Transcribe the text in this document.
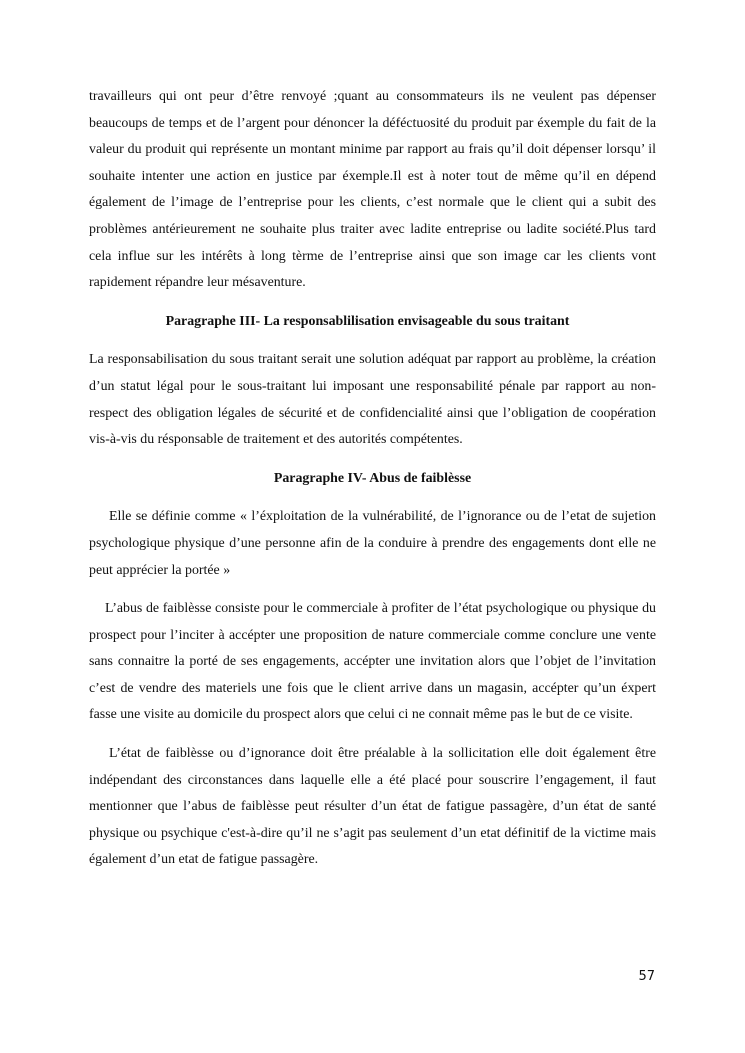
travailleurs qui ont peur d’être renvoyé ;quant au consommateurs ils ne veulent pas dépenser beaucoups de temps et de l’argent pour dénoncer la déféctuosité du produit par éxemple du fait de la valeur du produit qui représente un montant minime par rapport au frais qu’il doit dépenser lorsqu’ il souhaite intenter une action en justice par éxemple.Il est à noter tout de même qu’il en dépend également de l’image de l’entreprise pour les clients, c’est normale que le client qui a subit des problèmes antérieurement ne souhaite plus traiter avec ladite entreprise ou ladite société.Plus tard cela influe sur les intérêts à long tèrme de l’entreprise ainsi que son image car les clients vont rapidement répandre leur mésaventure.

Paragraphe III- La responsablilisation envisageable du sous traitant

La responsabilisation du sous traitant serait une solution adéquat par rapport au problème, la création d’un statut légal pour le sous-traitant lui imposant une responsabilité pénale par rapport au non-respect des obligation légales de sécurité et de confidencialité ainsi que l’obligation de coopération vis-à-vis du résponsable de traitement et des autorités compétentes.

Paragraphe IV- Abus de faiblèsse

Elle se définie comme « l’éxploitation de la vulnérabilité, de l’ignorance ou de l’etat de sujetion psychologique physique d’une personne afin de la conduire à prendre des engagements dont elle ne peut apprécier la portée »

L’abus de faiblèsse consiste pour le commerciale à profiter de l’état psychologique ou physique du prospect pour l’inciter à accépter une proposition de nature commerciale comme conclure une vente sans connaitre la porté de ses engagements, accépter une invitation alors que l’objet de l’invitation c’est de vendre des materiels une fois que le client arrive dans un magasin, accépter qu’un éxpert fasse une visite au domicile du prospect alors que celui ci ne connait même pas le but de ce visite.

L’état de faiblèsse ou d’ignorance doit être préalable à la sollicitation elle doit également être indépendant des circonstances dans laquelle elle a été placé pour souscrire l’engagement, il faut mentionner que l’abus de faiblèsse peut résulter d’un état de fatigue passagère, d’un état de santé physique ou psychique c'est-à-dire qu’il ne s’agit pas seulement d’un etat définitif de la victime mais également d’un etat de fatigue passagère.

57
